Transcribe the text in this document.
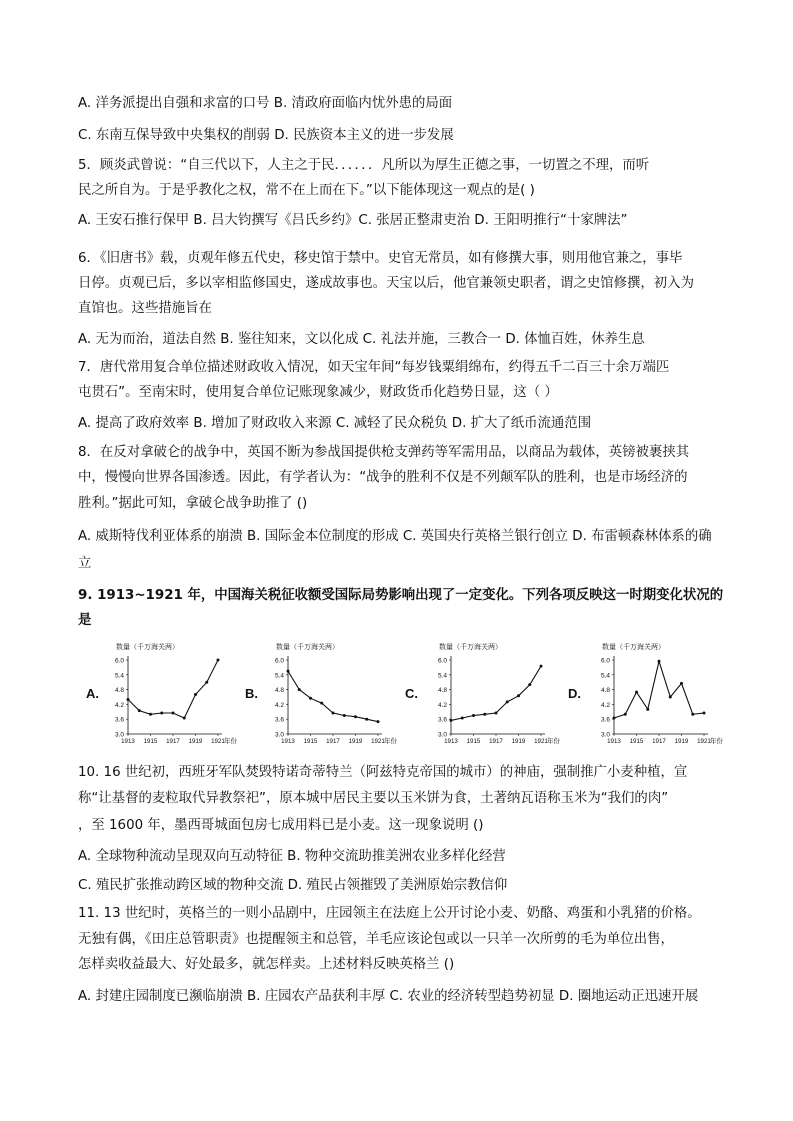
A. 洋务派提出自强和求富的口号 B. 清政府面临内忧外患的局面
C. 东南互保导致中央集权的削弱 D. 民族资本主义的进一步发展
5．顾炎武曾说：“自三代以下，人主之于民．．．．．．凡所以为厚生正德之事，一切置之不理，而听
民之所自为。于是乎教化之权，常不在上而在下。”以下能体现这一观点的是( )
A. 王安石推行保甲 B. 吕大钧撰写《吕氏乡约》C. 张居正整肃吏治 D. 王阳明推行“十家牌法”
6．《旧唐书》载，贞观年修五代史，移史馆于禁中。史官无常员，如有修撰大事，则用他官兼之，事毕
日停。贞观已后，多以宰相监修国史，遂成故事也。天宝以后，他官兼领史职者，谓之史馆修撰，初入为
直馆也。这些措施旨在
A. 无为而治，道法自然 B. 鉴往知来，文以化成 C. 礼法并施，三教合一 D. 体恤百姓，休养生息
7．唐代常用复合单位描述财政收入情况，如天宝年间“每岁钱粟绢绵布，约得五千二百三十余万端匹
屯贯石”。至南宋时，使用复合单位记账现象减少，财政货币化趋势日显，这（ ）
A. 提高了政府效率 B. 增加了财政收入来源 C. 减轻了民众税负 D. 扩大了纸币流通范围
8．在反对拿破仑的战争中，英国不断为参战国提供枪支弹药等军需用品，以商品为载体，英镑被裹挟其
中，慢慢向世界各国渗透。因此，有学者认为：“战争的胜利不仅是不列颠军队的胜利，也是市场经济的
胜利。”据此可知，拿破仑战争助推了 ()
A. 威斯特伐利亚体系的崩溃 B. 国际金本位制度的形成 C. 英国央行英格兰银行创立 D. 布雷顿森林体系的确
立
9. 1913~1921 年，中国海关税征收额受国际局势影响出现了一定变化。下列各项反映这一时期变化状况的
是
A.	B.	C.	D.
数量（千万海关两）
3.0
3.6
4.2
4.8
5.4
6.0
1913 1915 1917 1919 1921 年份
数量（千万海关两）
3.0
3.6
4.2
4.8
5.4
6.0
1913 1915 1917 1919 1921 年份
数量（千万海关两）
3.0
3.6
4.2
4.8
5.4
6.0
1913 1915 1917 1919 1921 年份
数量（千万海关两）
3.0
3.6
4.2
4.8
5.4
6.0
1913 1915 1917 1919 1921 年份
10. 16 世纪初，西班牙军队焚毁特诺奇蒂特兰（阿兹特克帝国的城市）的神庙，强制推广小麦种植，宣
称“让基督的麦粒取代异教祭祀”，原本城中居民主要以玉米饼为食，土著纳瓦语称玉米为“我们的肉”
，至 1600 年，墨西哥城面包房七成用料已是小麦。这一现象说明 ()
A. 全球物种流动呈现双向互动特征 B. 物种交流助推美洲农业多样化经营
C. 殖民扩张推动跨区域的物种交流 D. 殖民占领摧毁了美洲原始宗教信仰
11. 13 世纪时，英格兰的一则小品剧中，庄园领主在法庭上公开讨论小麦、奶酪、鸡蛋和小乳猪的价格。
无独有偶，《田庄总管职责》也提醒领主和总管，羊毛应该论包或以一只羊一次所剪的毛为单位出售，
怎样卖收益最大、好处最多，就怎样卖。上述材料反映英格兰 ()
A. 封建庄园制度已濒临崩溃 B. 庄园农产品获利丰厚 C. 农业的经济转型趋势初显 D. 圈地运动正迅速开展
